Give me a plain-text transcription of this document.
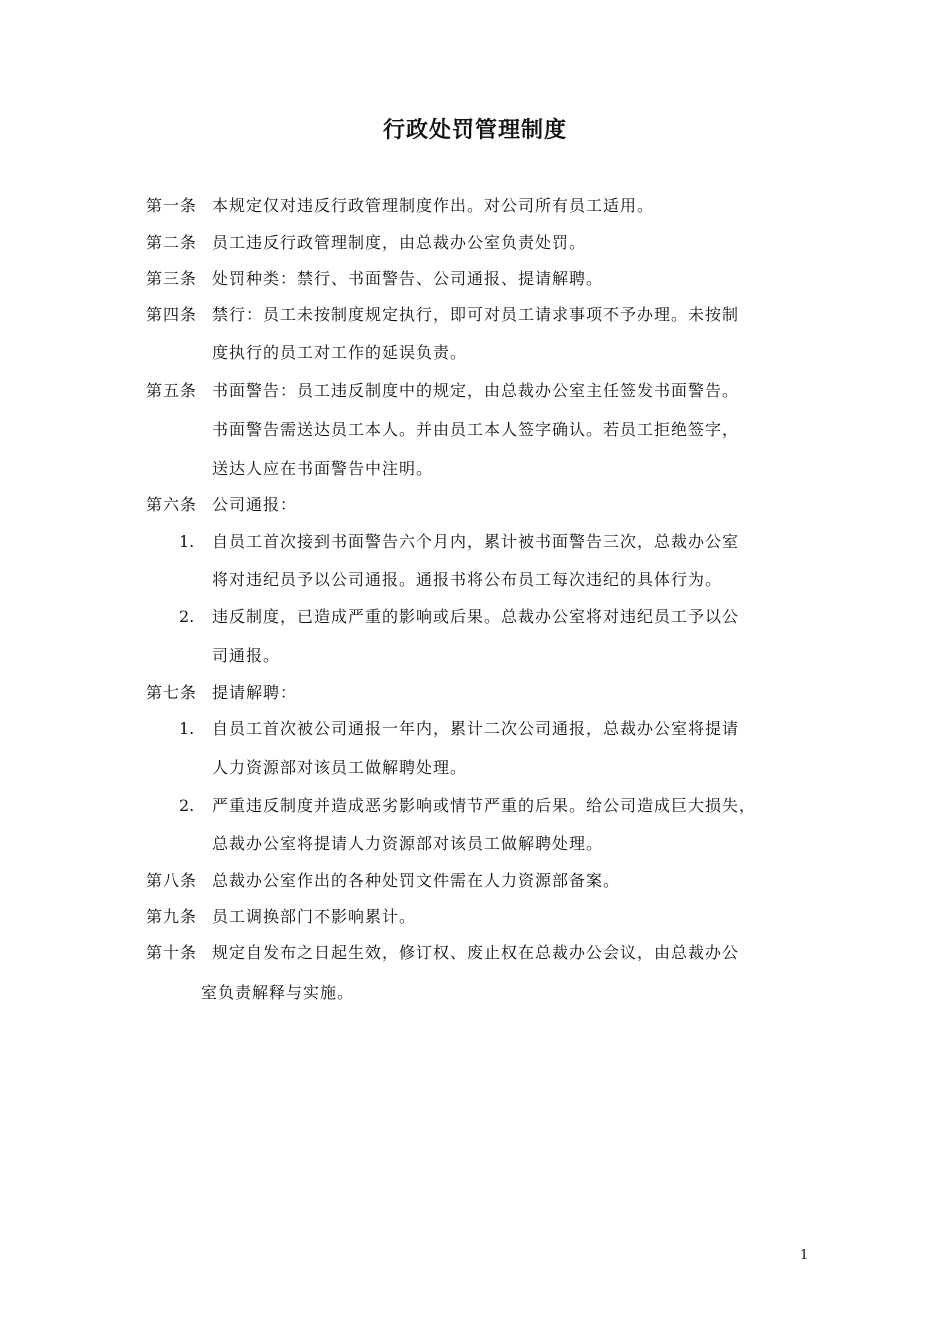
行政处罚管理制度
第一条 本规定仅对违反行政管理制度作出。对公司所有员工适用。
第二条 员工违反行政管理制度，由总裁办公室负责处罚。
第三条 处罚种类：禁行、书面警告、公司通报、提请解聘。
第四条 禁行：员工未按制度规定执行，即可对员工请求事项不予办理。未按制
度执行的员工对工作的延误负责。
第五条 书面警告：员工违反制度中的规定，由总裁办公室主任签发书面警告。
书面警告需送达员工本人。并由员工本人签字确认。若员工拒绝签字，
送达人应在书面警告中注明。
第六条 公司通报：
1. 自员工首次接到书面警告六个月内，累计被书面警告三次，总裁办公室
将对违纪员予以公司通报。通报书将公布员工每次违纪的具体行为。
2. 违反制度，已造成严重的影响或后果。总裁办公室将对违纪员工予以公
司通报。
第七条 提请解聘：
1. 自员工首次被公司通报一年内，累计二次公司通报，总裁办公室将提请
人力资源部对该员工做解聘处理。
2. 严重违反制度并造成恶劣影响或情节严重的后果。给公司造成巨大损失，
总裁办公室将提请人力资源部对该员工做解聘处理。
第八条 总裁办公室作出的各种处罚文件需在人力资源部备案。
第九条 员工调换部门不影响累计。
第十条 规定自发布之日起生效，修订权、废止权在总裁办公会议，由总裁办公
室负责解释与实施。
1
